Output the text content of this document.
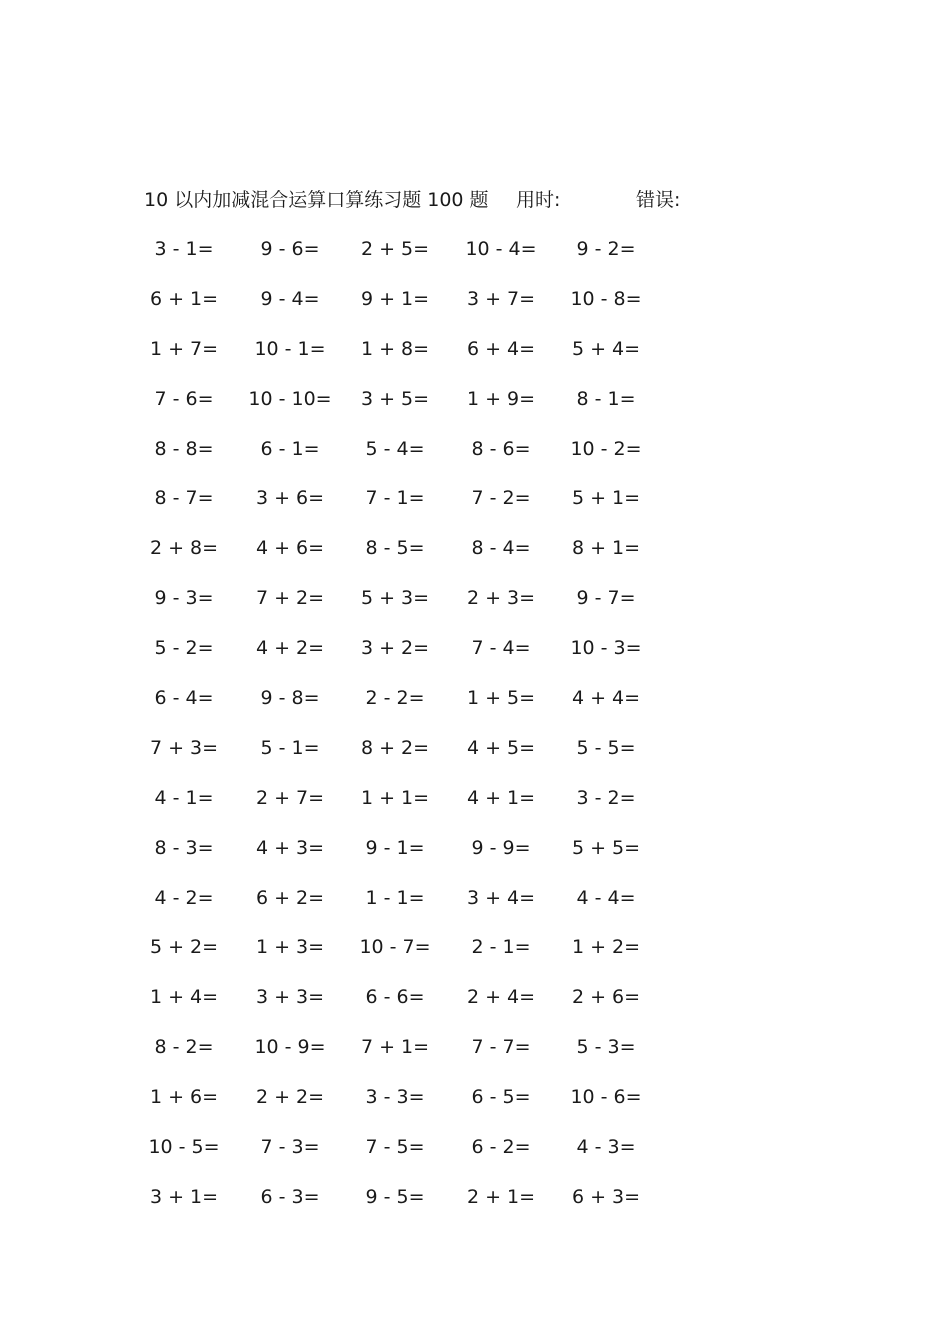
10 以内加减混合运算口算练习题 100 题 用时:	错误:
3 - 1=	9 - 6=	2 + 5=	10 - 4=	9 - 2=
6 + 1=	9 - 4=	9 + 1=	3 + 7=	10 - 8=
1 + 7=	10 - 1=	1 + 8=	6 + 4=	5 + 4=
7 - 6=	10 - 10=	3 + 5=	1 + 9=	8 - 1=
8 - 8=	6 - 1=	5 - 4=	8 - 6=	10 - 2=
8 - 7=	3 + 6=	7 - 1=	7 - 2=	5 + 1=
2 + 8=	4 + 6=	8 - 5=	8 - 4=	8 + 1=
9 - 3=	7 + 2=	5 + 3=	2 + 3=	9 - 7=
5 - 2=	4 + 2=	3 + 2=	7 - 4=	10 - 3=
6 - 4=	9 - 8=	2 - 2=	1 + 5=	4 + 4=
7 + 3=	5 - 1=	8 + 2=	4 + 5=	5 - 5=
4 - 1=	2 + 7=	1 + 1=	4 + 1=	3 - 2=
8 - 3=	4 + 3=	9 - 1=	9 - 9=	5 + 5=
4 - 2=	6 + 2=	1 - 1=	3 + 4=	4 - 4=
5 + 2=	1 + 3=	10 - 7=	2 - 1=	1 + 2=
1 + 4=	3 + 3=	6 - 6=	2 + 4=	2 + 6=
8 - 2=	10 - 9=	7 + 1=	7 - 7=	5 - 3=
1 + 6=	2 + 2=	3 - 3=	6 - 5=	10 - 6=
10 - 5=	7 - 3=	7 - 5=	6 - 2=	4 - 3=
3 + 1=	6 - 3=	9 - 5=	2 + 1=	6 + 3=
